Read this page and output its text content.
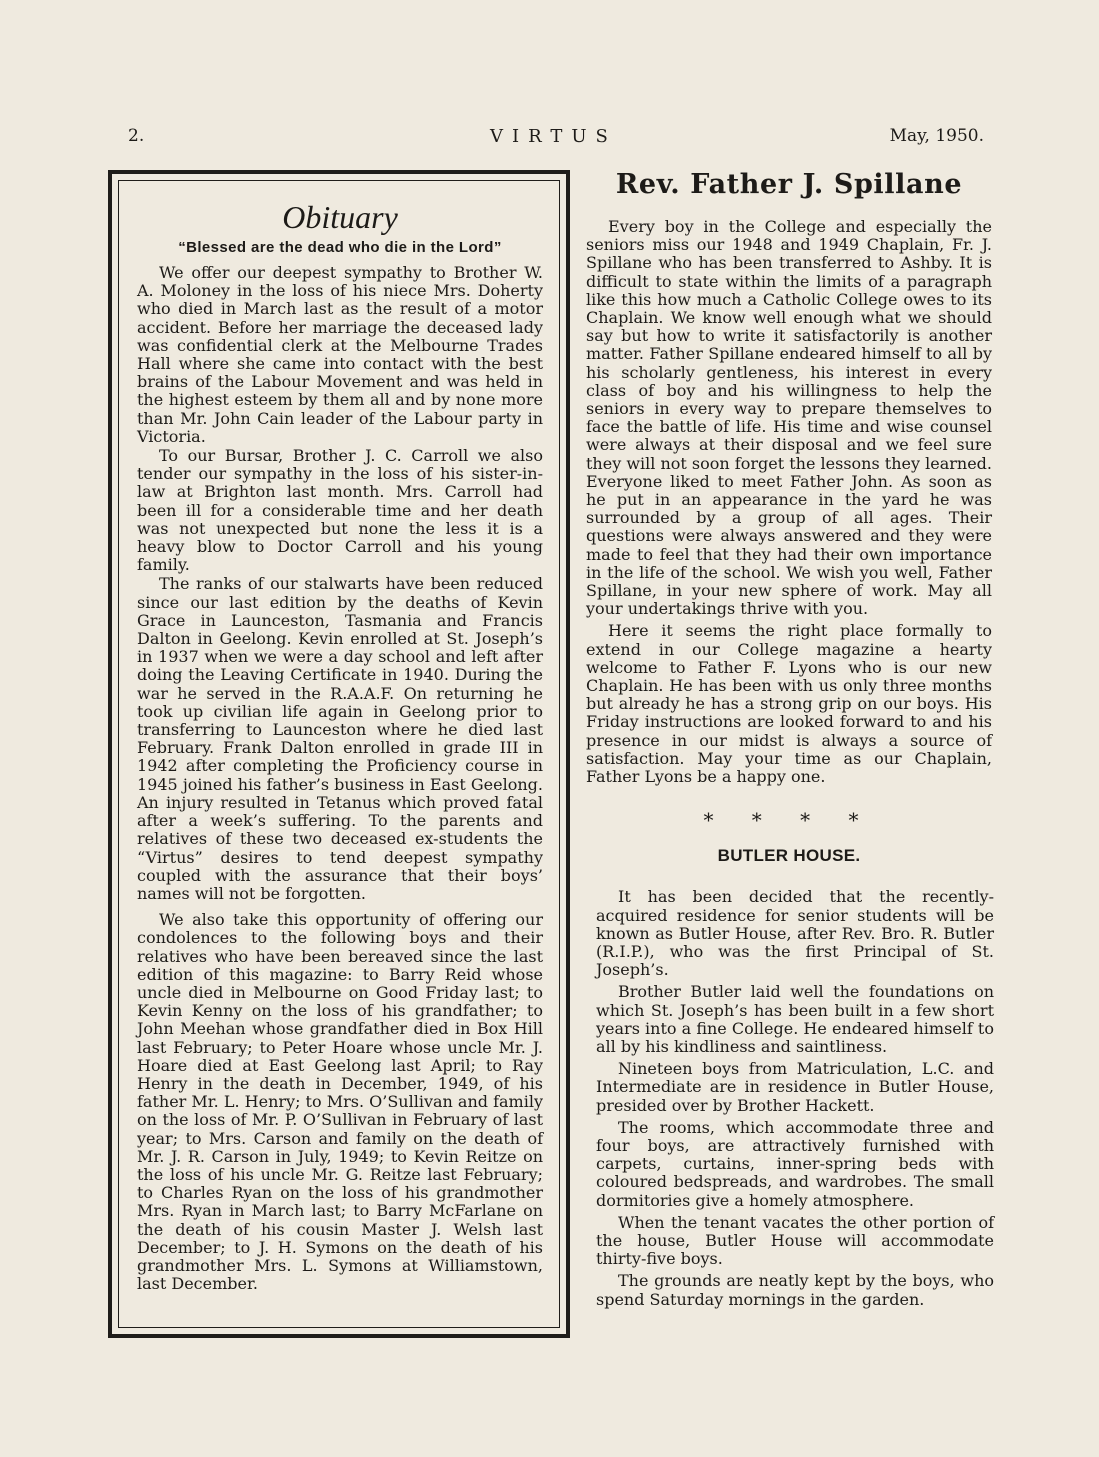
2.	VIRTUS	May, 1950.
Obituary
“Blessed are the dead who die in the Lord”

We offer our deepest sympathy to Brother W. A. Moloney in the loss of his niece Mrs. Doherty who died in March last as the result of a motor accident. Before her marriage the deceased lady was confidential clerk at the Melbourne Trades Hall where she came into contact with the best brains of the Labour Movement and was held in the highest esteem by them all and by none more than Mr. John Cain leader of the Labour party in Victoria.

To our Bursar, Brother J. C. Carroll we also tender our sympathy in the loss of his sister-in-law at Brighton last month. Mrs. Carroll had been ill for a considerable time and her death was not unexpected but none the less it is a heavy blow to Doctor Carroll and his young family.

The ranks of our stalwarts have been reduced since our last edition by the deaths of Kevin Grace in Launceston, Tasmania and Francis Dalton in Geelong. Kevin enrolled at St. Joseph’s in 1937 when we were a day school and left after doing the Leaving Certificate in 1940. During the war he served in the R.A.A.F. On returning he took up civilian life again in Geelong prior to transferring to Launceston where he died last February. Frank Dalton enrolled in grade III in 1942 after completing the Proficiency course in 1945 joined his father’s business in East Geelong. An injury resulted in Tetanus which proved fatal after a week’s suffering. To the parents and relatives of these two deceased ex-students the “Virtus” desires to tend deepest sympathy coupled with the assurance that their boys’ names will not be forgotten.

We also take this opportunity of offering our condolences to the following boys and their relatives who have been bereaved since the last edition of this magazine: to Barry Reid whose uncle died in Melbourne on Good Friday last; to Kevin Kenny on the loss of his grandfather; to John Meehan whose grandfather died in Box Hill last February; to Peter Hoare whose uncle Mr. J. Hoare died at East Geelong last April; to Ray Henry in the death in December, 1949, of his father Mr. L. Henry; to Mrs. O’Sullivan and family on the loss of Mr. P. O’Sullivan in February of last year; to Mrs. Carson and family on the death of Mr. J. R. Carson in July, 1949; to Kevin Reitze on the loss of his uncle Mr. G. Reitze last February; to Charles Ryan on the loss of his grandmother Mrs. Ryan in March last; to Barry McFarlane on the death of his cousin Master J. Welsh last December; to J. H. Symons on the death of his grandmother Mrs. L. Symons at Williamstown, last December.

Rev. Father J. Spillane

Every boy in the College and especially the seniors miss our 1948 and 1949 Chaplain, Fr. J. Spillane who has been transferred to Ashby. It is difficult to state within the limits of a paragraph like this how much a Catholic College owes to its Chaplain. We know well enough what we should say but how to write it satisfactorily is another matter. Father Spillane endeared himself to all by his scholarly gentleness, his interest in every class of boy and his willingness to help the seniors in every way to prepare themselves to face the battle of life. His time and wise counsel were always at their disposal and we feel sure they will not soon forget the lessons they learned. Everyone liked to meet Father John. As soon as he put in an appearance in the yard he was surrounded by a group of all ages. Their questions were always answered and they were made to feel that they had their own importance in the life of the school. We wish you well, Father Spillane, in your new sphere of work. May all your undertakings thrive with you.

Here it seems the right place formally to extend in our College magazine a hearty welcome to Father F. Lyons who is our new Chaplain. He has been with us only three months but already he has a strong grip on our boys. His Friday instructions are looked forward to and his presence in our midst is always a source of satisfaction. May your time as our Chaplain, Father Lyons be a happy one.

* * * *
BUTLER HOUSE.

It has been decided that the recently-acquired residence for senior students will be known as Butler House, after Rev. Bro. R. Butler (R.I.P.), who was the first Principal of St. Joseph’s.

Brother Butler laid well the foundations on which St. Joseph’s has been built in a few short years into a fine College. He endeared himself to all by his kindliness and saintliness.

Nineteen boys from Matriculation, L.C. and Intermediate are in residence in Butler House, presided over by Brother Hackett.

The rooms, which accommodate three and four boys, are attractively furnished with carpets, curtains, inner-spring beds with coloured bedspreads, and wardrobes. The small dormitories give a homely atmosphere.

When the tenant vacates the other portion of the house, Butler House will accommodate thirty-five boys.

The grounds are neatly kept by the boys, who spend Saturday mornings in the garden.
